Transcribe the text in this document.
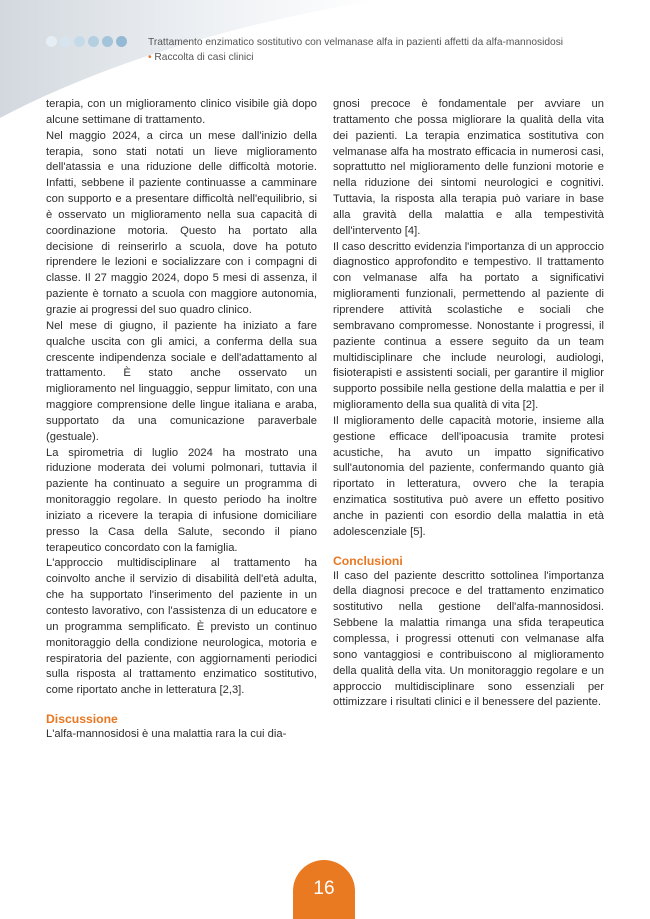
Trattamento enzimatico sostitutivo con velmanase alfa in pazienti affetti da alfa-mannosidosi
• Raccolta di casi clinici

terapia, con un miglioramento clinico visibile già dopo alcune settimane di trattamento.

Nel maggio 2024, a circa un mese dall'inizio della terapia, sono stati notati un lieve miglioramento dell'atassia e una riduzione delle difficoltà motorie. Infatti, sebbene il paziente continuasse a camminare con supporto e a presentare difficoltà nell'equilibrio, si è osservato un miglioramento nella sua capacità di coordinazione motoria. Questo ha portato alla decisione di reinserirlo a scuola, dove ha potuto riprendere le lezioni e socializzare con i compagni di classe. Il 27 maggio 2024, dopo 5 mesi di assenza, il paziente è tornato a scuola con maggiore autonomia, grazie ai progressi del suo quadro clinico.

Nel mese di giugno, il paziente ha iniziato a fare qualche uscita con gli amici, a conferma della sua crescente indipendenza sociale e dell'adattamento al trattamento. È stato anche osservato un miglioramento nel linguaggio, seppur limitato, con una maggiore comprensione delle lingue italiana e araba, supportato da una comunicazione paraverbale (gestuale).

La spirometria di luglio 2024 ha mostrato una riduzione moderata dei volumi polmonari, tuttavia il paziente ha continuato a seguire un programma di monitoraggio regolare. In questo periodo ha inoltre iniziato a ricevere la terapia di infusione domiciliare presso la Casa della Salute, secondo il piano terapeutico concordato con la famiglia.

L'approccio multidisciplinare al trattamento ha coinvolto anche il servizio di disabilità dell'età adulta, che ha supportato l'inserimento del paziente in un contesto lavorativo, con l'assistenza di un educatore e un programma semplificato. È previsto un continuo monitoraggio della condizione neurologica, motoria e respiratoria del paziente, con aggiornamenti periodici sulla risposta al trattamento enzimatico sostitutivo, come riportato anche in letteratura [2,3].

Discussione

L'alfa-mannosidosi è una malattia rara la cui dia-

gnosi precoce è fondamentale per avviare un trattamento che possa migliorare la qualità della vita dei pazienti. La terapia enzimatica sostitutiva con velmanase alfa ha mostrato efficacia in numerosi casi, soprattutto nel miglioramento delle funzioni motorie e nella riduzione dei sintomi neurologici e cognitivi. Tuttavia, la risposta alla terapia può variare in base alla gravità della malattia e alla tempestività dell'intervento [4].

Il caso descritto evidenzia l'importanza di un approccio diagnostico approfondito e tempestivo. Il trattamento con velmanase alfa ha portato a significativi miglioramenti funzionali, permettendo al paziente di riprendere attività scolastiche e sociali che sembravano compromesse. Nonostante i progressi, il paziente continua a essere seguito da un team multidisciplinare che include neurologi, audiologi, fisioterapisti e assistenti sociali, per garantire il miglior supporto possibile nella gestione della malattia e per il miglioramento della sua qualità di vita [2].

Il miglioramento delle capacità motorie, insieme alla gestione efficace dell'ipoacusia tramite protesi acustiche, ha avuto un impatto significativo sull'autonomia del paziente, confermando quanto già riportato in letteratura, ovvero che la terapia enzimatica sostitutiva può avere un effetto positivo anche in pazienti con esordio della malattia in età adolescenziale [5].

Conclusioni

Il caso del paziente descritto sottolinea l'importanza della diagnosi precoce e del trattamento enzimatico sostitutivo nella gestione dell'alfa-mannosidosi. Sebbene la malattia rimanga una sfida terapeutica complessa, i progressi ottenuti con velmanase alfa sono vantaggiosi e contribuiscono al miglioramento della qualità della vita. Un monitoraggio regolare e un approccio multidisciplinare sono essenziali per ottimizzare i risultati clinici e il benessere del paziente.

16
